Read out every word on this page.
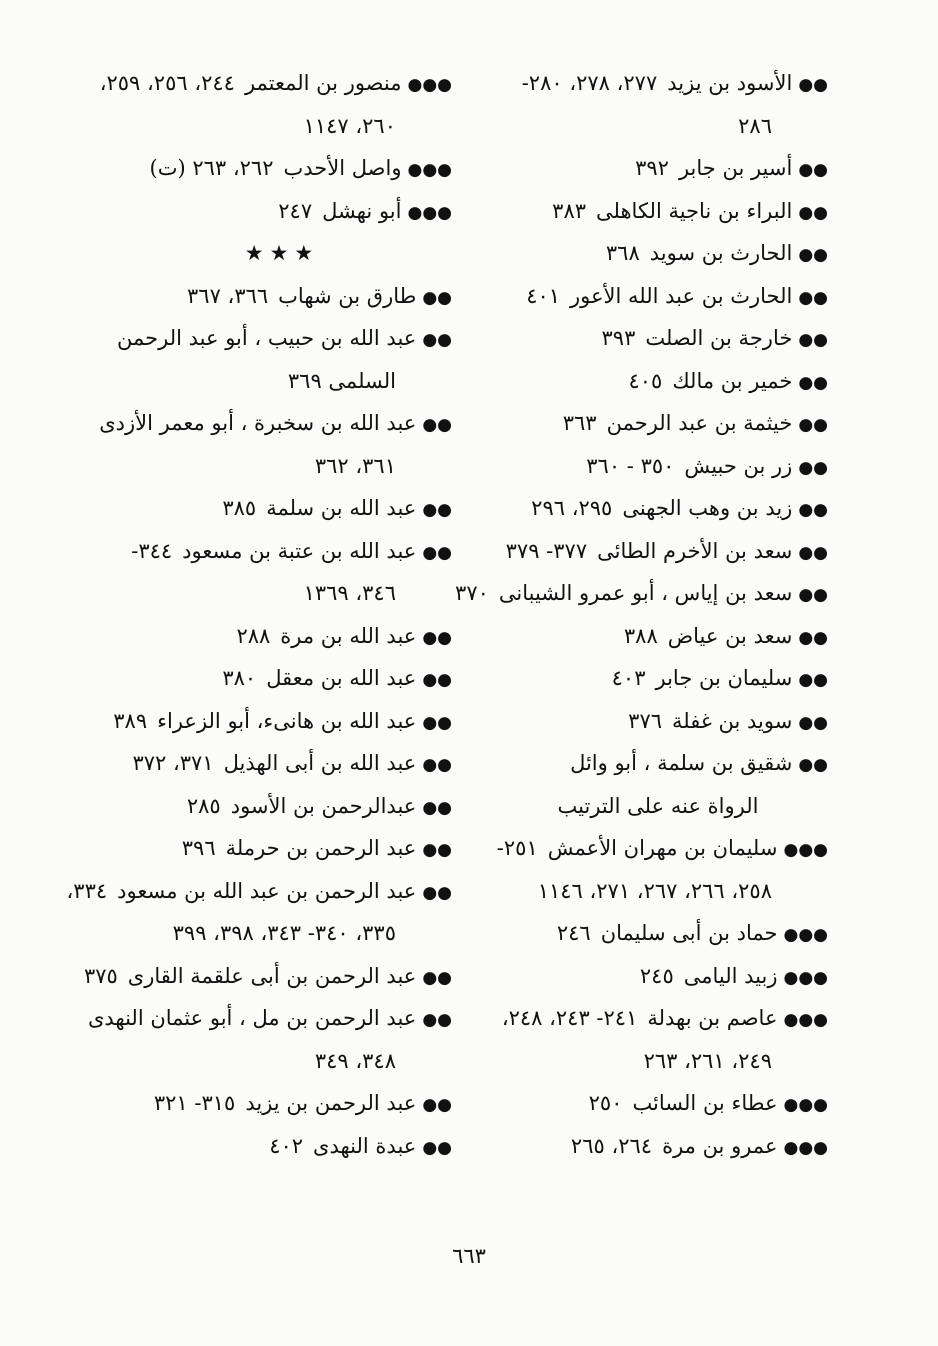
●●الأسود بن يزيد٢٧٧، ٢٧٨، ٢٨٠-
٢٨٦
●●أسير بن جابر٣٩٢
●●البراء بن ناجية الكاهلى٣٨٣
●●الحارث بن سويد٣٦٨
●●الحارث بن عبد الله الأعور٤٠١
●●خارجة بن الصلت٣٩٣
●●خمير بن مالك٤٠٥
●●خيثمة بن عبد الرحمن٣٦٣
●●زر بن حبيش٣٥٠ - ٣٦٠
●●زيد بن وهب الجهنى٢٩٥، ٢٩٦
●●سعد بن الأخرم الطائى٣٧٧- ٣٧٩
●●سعد بن إياس ، أبو عمرو الشيبانى٣٧٠
●●سعد بن عياض٣٨٨
●●سليمان بن جابر٤٠٣
●●سويد بن غفلة٣٧٦
●●شقيق بن سلمة ، أبو وائل
الرواة عنه على الترتيب
●●●سليمان بن مهران الأعمش٢٥١-
٢٥٨، ٢٦٦، ٢٦٧، ٢٧١، ١١٤٦
●●●حماد بن أبى سليمان٢٤٦
●●●زبيد اليامى٢٤٥
●●●عاصم بن بهدلة٢٤١- ٢٤٣، ٢٤٨،
٢٤٩، ٢٦١، ٢٦٣
●●●عطاء بن السائب٢٥٠
●●●عمرو بن مرة٢٦٤، ٢٦٥
●●●منصور بن المعتمر٢٤٤، ٢٥٦، ٢٥٩،
٢٦٠، ١١٤٧
●●●واصل الأحدب٢٦٢، ٢٦٣ (ت)
●●●أبو نهشل٢٤٧
★★★
●●طارق بن شهاب٣٦٦، ٣٦٧
●●عبد الله بن حبيب ، أبو عبد الرحمن
السلمى ٣٦٩
●●عبد الله بن سخبرة ، أبو معمر الأزدى
٣٦١، ٣٦٢
●●عبد الله بن سلمة٣٨٥
●●عبد الله بن عتبة بن مسعود٣٤٤-
٣٤٦، ١٣٦٩
●●عبد الله بن مرة٢٨٨
●●عبد الله بن معقل٣٨٠
●●عبد الله بن هانىء، أبو الزعراء٣٨٩
●●عبد الله بن أبى الهذيل٣٧١، ٣٧٢
●●عبدالرحمن بن الأسود٢٨٥
●●عبد الرحمن بن حرملة٣٩٦
●●عبد الرحمن بن عبد الله بن مسعود٣٣٤،
٣٣٥، ٣٤٠- ٣٤٣، ٣٩٨، ٣٩٩
●●عبد الرحمن بن أبى علقمة القارى٣٧٥
●●عبد الرحمن بن مل ، أبو عثمان النهدى
٣٤٨، ٣٤٩
●●عبد الرحمن بن يزيد٣١٥- ٣٢١
●●عبدة النهدى٤٠٢
٦٦٣
